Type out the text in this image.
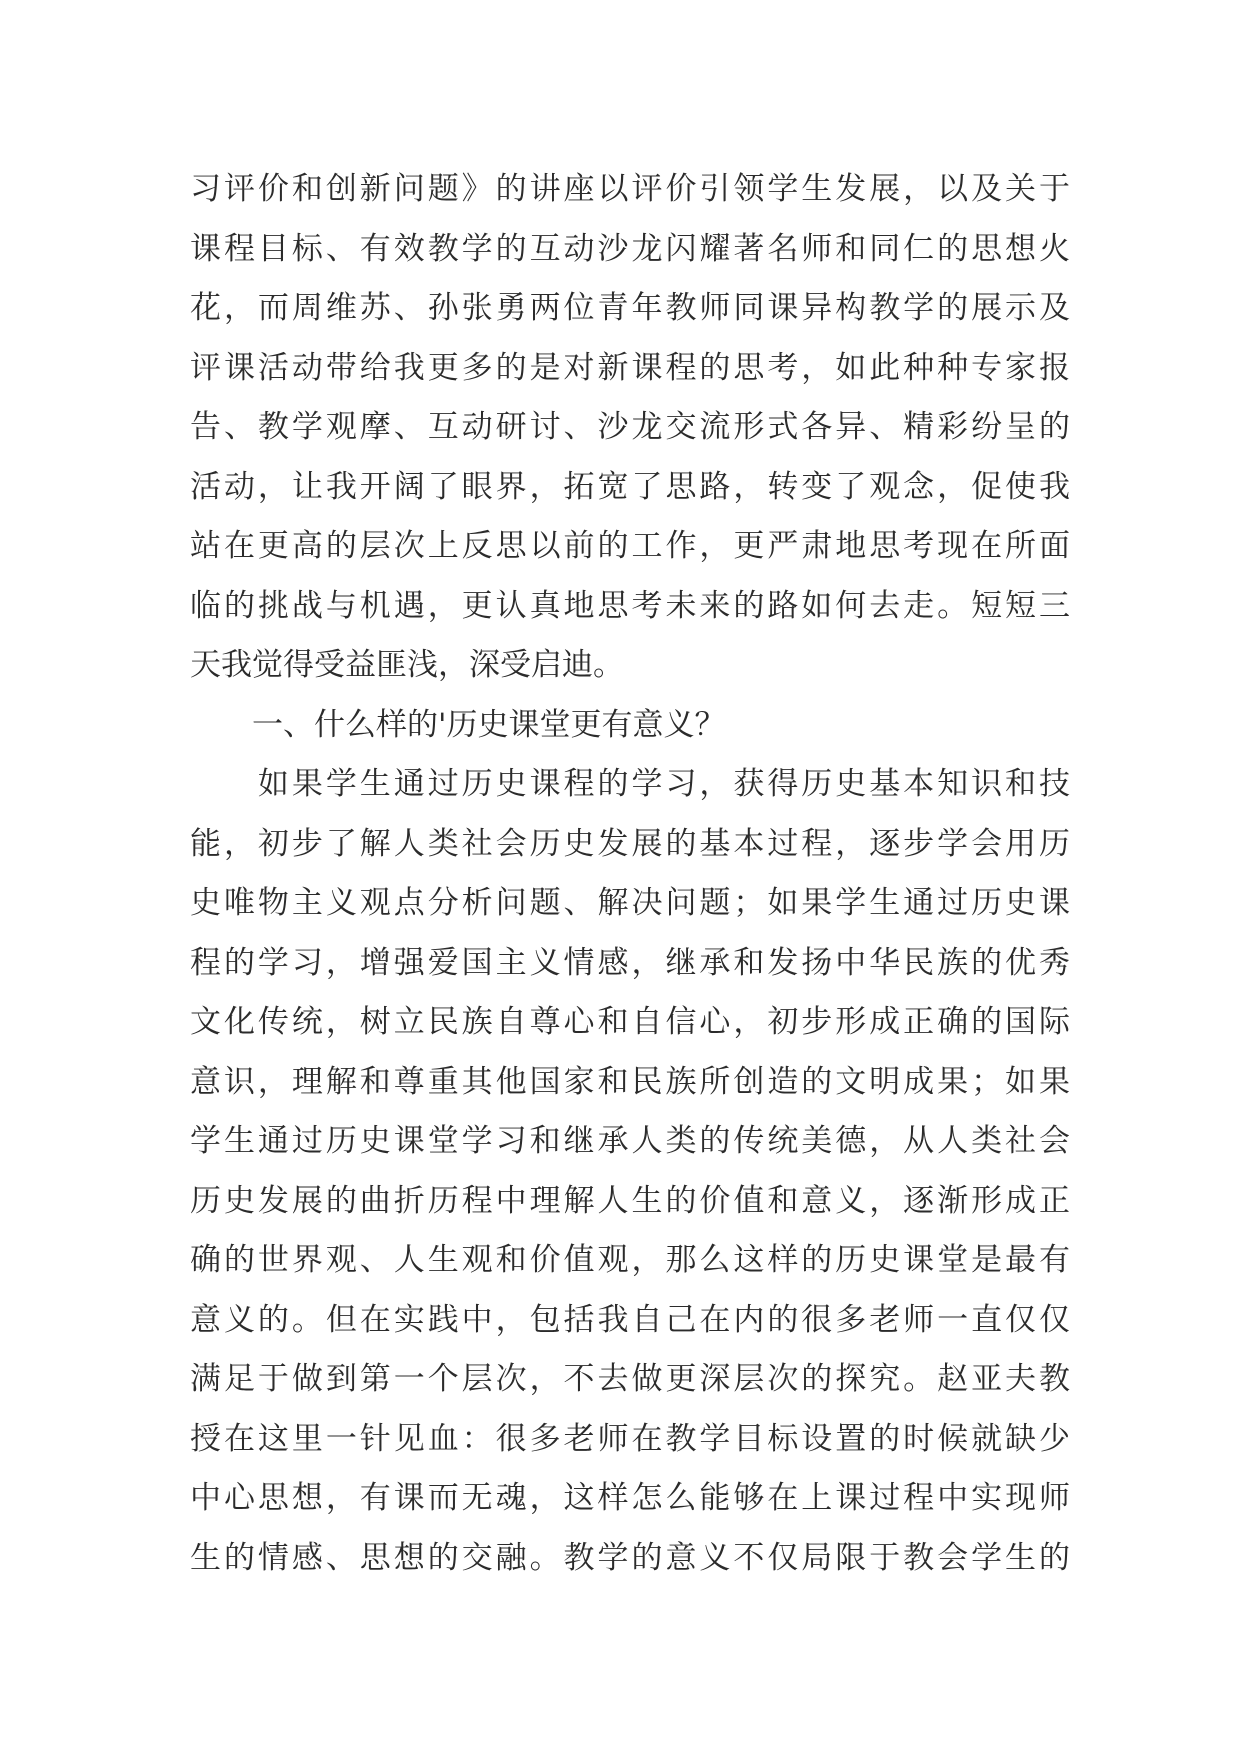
习评价和创新问题》的讲座以评价引领学生发展，以及关于
课程目标、有效教学的互动沙龙闪耀著名师和同仁的思想火
花，而周维苏、孙张勇两位青年教师同课异构教学的展示及
评课活动带给我更多的是对新课程的思考，如此种种专家报
告、教学观摩、互动研讨、沙龙交流形式各异、精彩纷呈的
活动，让我开阔了眼界，拓宽了思路，转变了观念，促使我
站在更高的层次上反思以前的工作，更严肃地思考现在所面
临的挑战与机遇，更认真地思考未来的路如何去走。短短三
天我觉得受益匪浅，深受启迪。
　　一、什么样的'历史课堂更有意义？
　　如果学生通过历史课程的学习，获得历史基本知识和技
能，初步了解人类社会历史发展的基本过程，逐步学会用历
史唯物主义观点分析问题、解决问题；如果学生通过历史课
程的学习，增强爱国主义情感，继承和发扬中华民族的优秀
文化传统，树立民族自尊心和自信心，初步形成正确的国际
意识，理解和尊重其他国家和民族所创造的文明成果；如果
学生通过历史课堂学习和继承人类的传统美德，从人类社会
历史发展的曲折历程中理解人生的价值和意义，逐渐形成正
确的世界观、人生观和价值观，那么这样的历史课堂是最有
意义的。但在实践中，包括我自己在内的很多老师一直仅仅
满足于做到第一个层次，不去做更深层次的探究。赵亚夫教
授在这里一针见血：很多老师在教学目标设置的时候就缺少
中心思想，有课而无魂，这样怎么能够在上课过程中实现师
生的情感、思想的交融。教学的意义不仅局限于教会学生的
